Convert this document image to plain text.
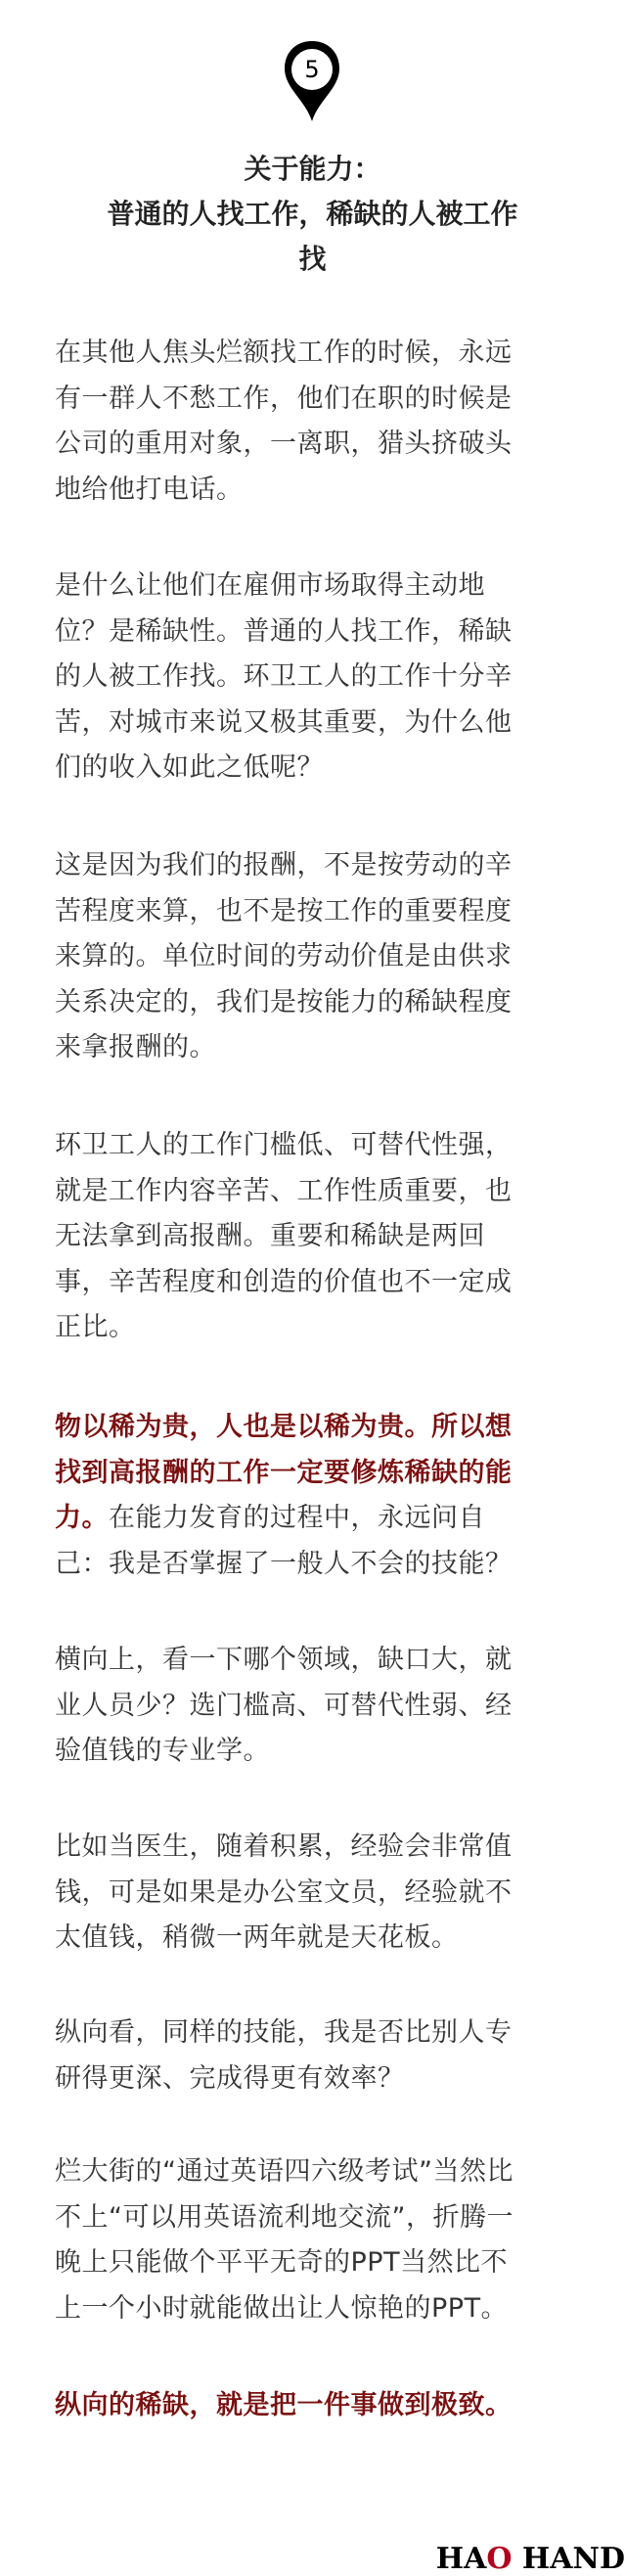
5
关于能力：
普通的人找工作，稀缺的人被工作
找
在其他人焦头烂额找工作的时候，永远
有一群人不愁工作，他们在职的时候是
公司的重用对象，一离职，猎头挤破头
地给他打电话。
是什么让他们在雇佣市场取得主动地
位？是稀缺性。普通的人找工作，稀缺
的人被工作找。环卫工人的工作十分辛
苦，对城市来说又极其重要，为什么他
们的收入如此之低呢？
这是因为我们的报酬，不是按劳动的辛
苦程度来算，也不是按工作的重要程度
来算的。单位时间的劳动价值是由供求
关系决定的，我们是按能力的稀缺程度
来拿报酬的。
环卫工人的工作门槛低、可替代性强，
就是工作内容辛苦、工作性质重要，也
无法拿到高报酬。重要和稀缺是两回
事，辛苦程度和创造的价值也不一定成
正比。
物以稀为贵，人也是以稀为贵。所以想
找到高报酬的工作一定要修炼稀缺的能
力。在能力发育的过程中，永远问自
己：我是否掌握了一般人不会的技能？
横向上，看一下哪个领域，缺口大，就
业人员少？选门槛高、可替代性弱、经
验值钱的专业学。
比如当医生，随着积累，经验会非常值
钱，可是如果是办公室文员，经验就不
太值钱，稍微一两年就是天花板。
纵向看，同样的技能，我是否比别人专
研得更深、完成得更有效率？
烂大街的“通过英语四六级考试”当然比
不上“可以用英语流利地交流”，折腾一
晚上只能做个平平无奇的PPT当然比不
上一个小时就能做出让人惊艳的PPT。
纵向的稀缺，就是把一件事做到极致。
HAO HAND
